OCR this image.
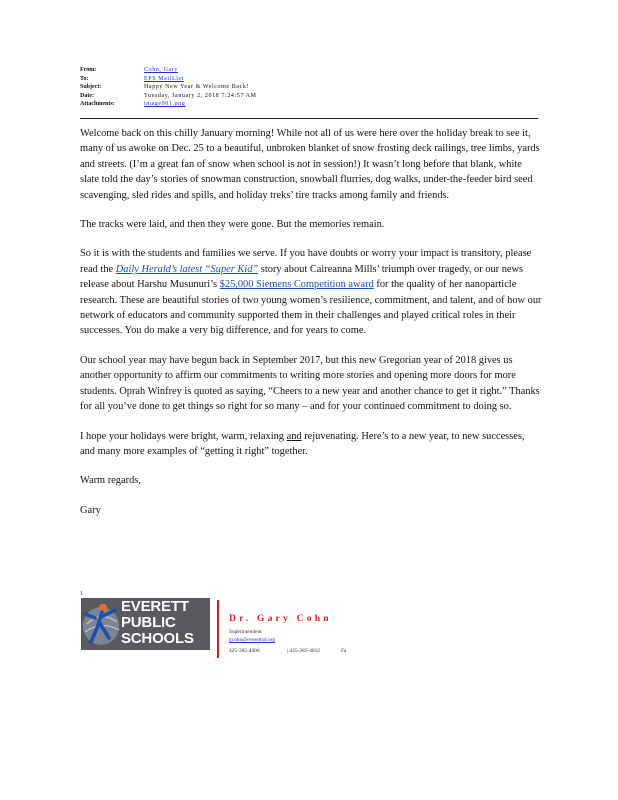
From:	Cohn, Gary
To:	EPS MailList
Subject:	Happy New Year & Welcome Back!
Date:	Tuesday, January 2, 2018 7:24:57 AM
Attachments:	image001.png

Welcome back on this chilly January morning! While not all of us were here over the holiday break to see it, many of us awoke on Dec. 25 to a beautiful, unbroken blanket of snow frosting deck railings, tree limbs, yards and streets. (I’m a great fan of snow when school is not in session!) It wasn’t long before that blank, white slate told the day’s stories of snowman construction, snowball flurries, dog walks, under-the-feeder bird seed scavenging, sled rides and spills, and holiday treks’ tire tracks among family and friends.

The tracks were laid, and then they were gone. But the memories remain.

So it is with the students and families we serve. If you have doubts or worry your impact is transitory, please read the Daily Herald’s latest “Super Kid” story about Caireanna Mills’ triumph over tragedy, or our news release about Harshu Musunuri’s $25,000 Siemens Competition award for the quality of her nanoparticle research. These are beautiful stories of two young women’s resilience, commitment, and talent, and of how our network of educators and community supported them in their challenges and played critical roles in their successes. You do make a very big difference, and for years to come.

Our school year may have begun back in September 2017, but this new Gregorian year of 2018 gives us another opportunity to affirm our commitments to writing more stories and opening more doors for more students. Oprah Winfrey is quoted as saying, “Cheers to a new year and another chance to get it right.” Thanks for all you’ve done to get things so right for so many – and for your continued commitment to doing so.

I hope your holidays were bright, warm, relaxing and rejuvenating. Here’s to a new year, to new successes, and many more examples of “getting it right” together.

Warm regards,

Gary

1
EVERETT
PUBLIC
SCHOOLS
Dr. Gary Cohn
Superintendent
gcohn@everettsd.org
425-385-4006	| 425-385-4012	Fa
